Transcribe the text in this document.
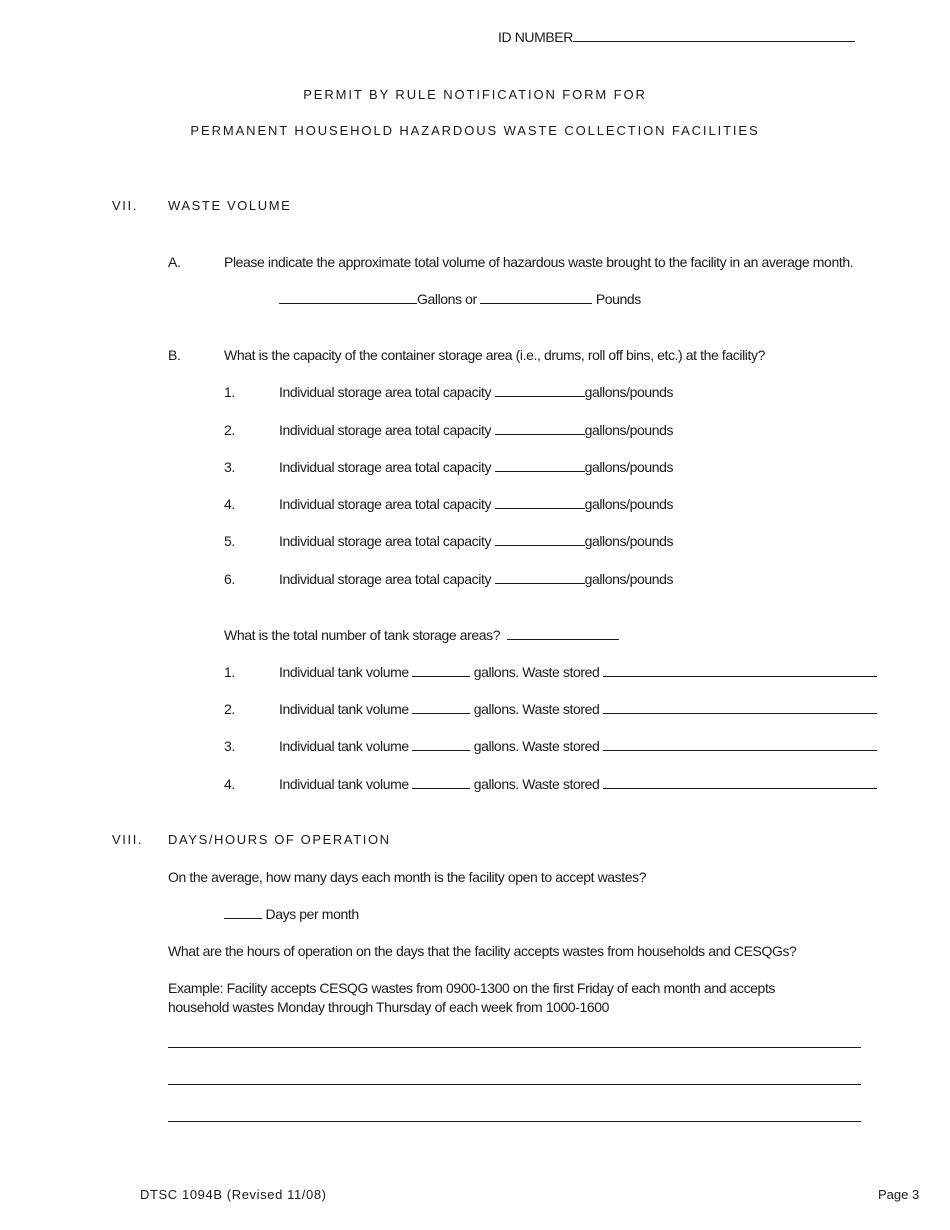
ID NUMBER
PERMIT BY RULE NOTIFICATION FORM FOR
PERMANENT HOUSEHOLD HAZARDOUS WASTE COLLECTION FACILITIES
VII. WASTE VOLUME
A.	Please indicate the approximate total volume of hazardous waste brought to the facility in an average month.
Gallons or	Pounds
B.	What is the capacity of the container storage area (i.e., drums, roll off bins, etc.) at the facility?
1.	Individual storage area total capacity	gallons/pounds
2.	Individual storage area total capacity	gallons/pounds
3.	Individual storage area total capacity	gallons/pounds
4.	Individual storage area total capacity	gallons/pounds
5.	Individual storage area total capacity	gallons/pounds
6.	Individual storage area total capacity	gallons/pounds
What is the total number of tank storage areas?
1.	Individual tank volume	gallons. Waste stored
2.	Individual tank volume	gallons. Waste stored
3.	Individual tank volume	gallons. Waste stored
4.	Individual tank volume	gallons. Waste stored
VIII. DAYS/HOURS OF OPERATION
On the average, how many days each month is the facility open to accept wastes?
Days per month
What are the hours of operation on the days that the facility accepts wastes from households and CESQGs?
Example: Facility accepts CESQG wastes from 0900-1300 on the first Friday of each month and accepts
household wastes Monday through Thursday of each week from 1000-1600
DTSC 1094B (Revised 11/08)	Page 3
